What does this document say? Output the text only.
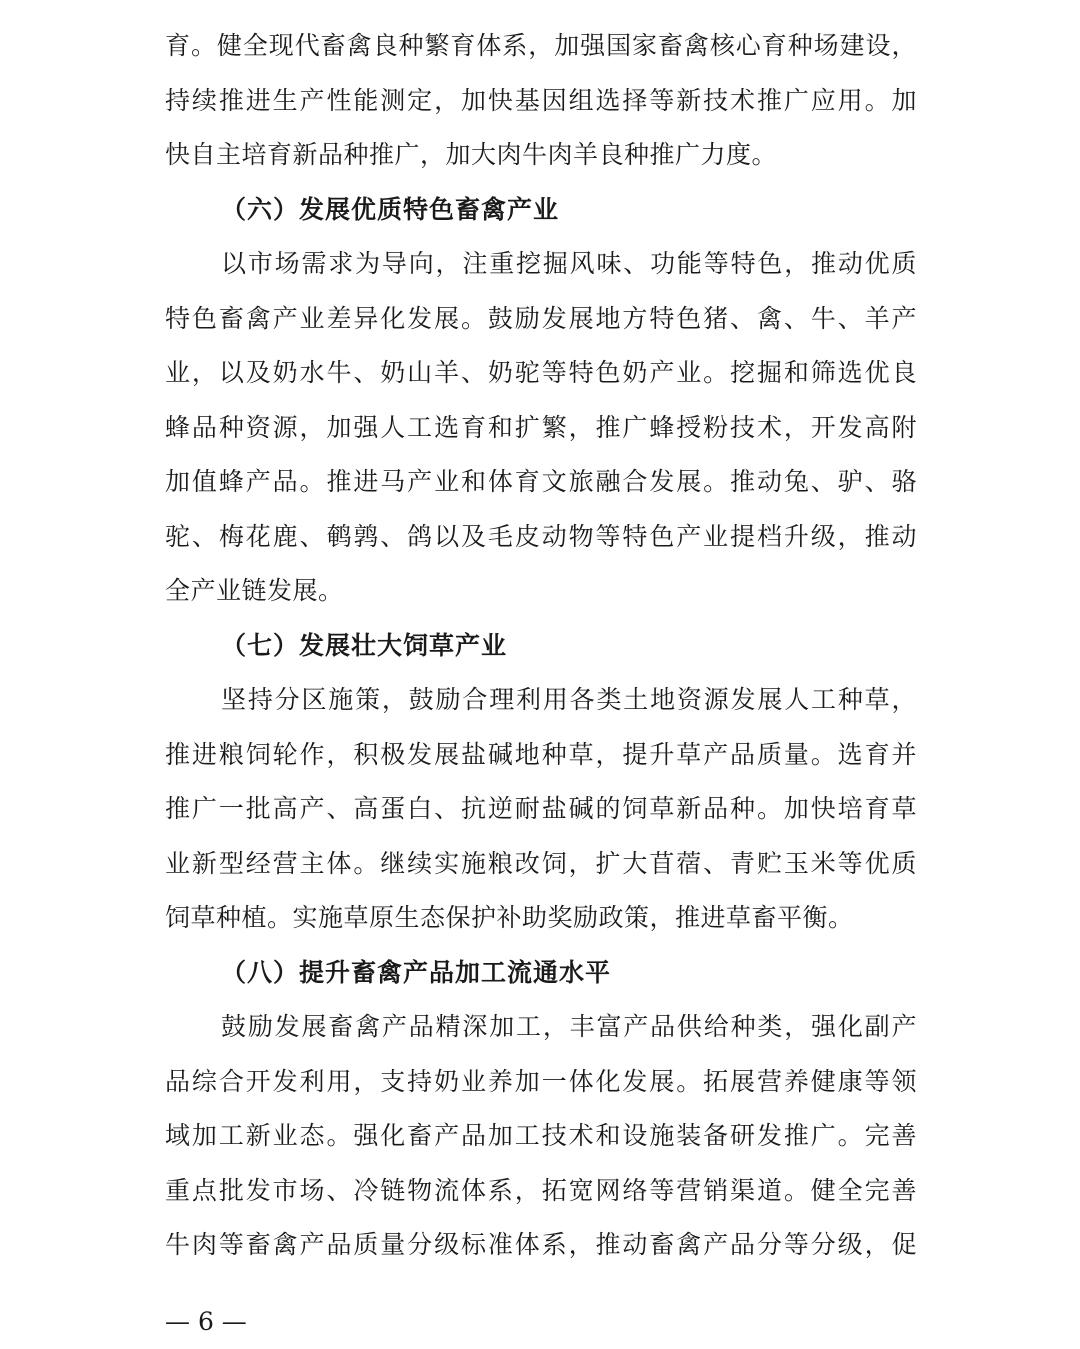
育。健全现代畜禽良种繁育体系，加强国家畜禽核心育种场建设，
持续推进生产性能测定，加快基因组选择等新技术推广应用。加
快自主培育新品种推广，加大肉牛肉羊良种推广力度。
（六）发展优质特色畜禽产业
以市场需求为导向，注重挖掘风味、功能等特色，推动优质
特色畜禽产业差异化发展。鼓励发展地方特色猪、禽、牛、羊产
业，以及奶水牛、奶山羊、奶驼等特色奶产业。挖掘和筛选优良
蜂品种资源，加强人工选育和扩繁，推广蜂授粉技术，开发高附
加值蜂产品。推进马产业和体育文旅融合发展。推动兔、驴、骆
驼、梅花鹿、鹌鹑、鸽以及毛皮动物等特色产业提档升级，推动
全产业链发展。
（七）发展壮大饲草产业
坚持分区施策，鼓励合理利用各类土地资源发展人工种草，
推进粮饲轮作，积极发展盐碱地种草，提升草产品质量。选育并
推广一批高产、高蛋白、抗逆耐盐碱的饲草新品种。加快培育草
业新型经营主体。继续实施粮改饲，扩大苜蓿、青贮玉米等优质
饲草种植。实施草原生态保护补助奖励政策，推进草畜平衡。
（八）提升畜禽产品加工流通水平
鼓励发展畜禽产品精深加工，丰富产品供给种类，强化副产
品综合开发利用，支持奶业养加一体化发展。拓展营养健康等领
域加工新业态。强化畜产品加工技术和设施装备研发推广。完善
重点批发市场、冷链物流体系，拓宽网络等营销渠道。健全完善
牛肉等畜禽产品质量分级标准体系，推动畜禽产品分等分级，促
— 6 —
